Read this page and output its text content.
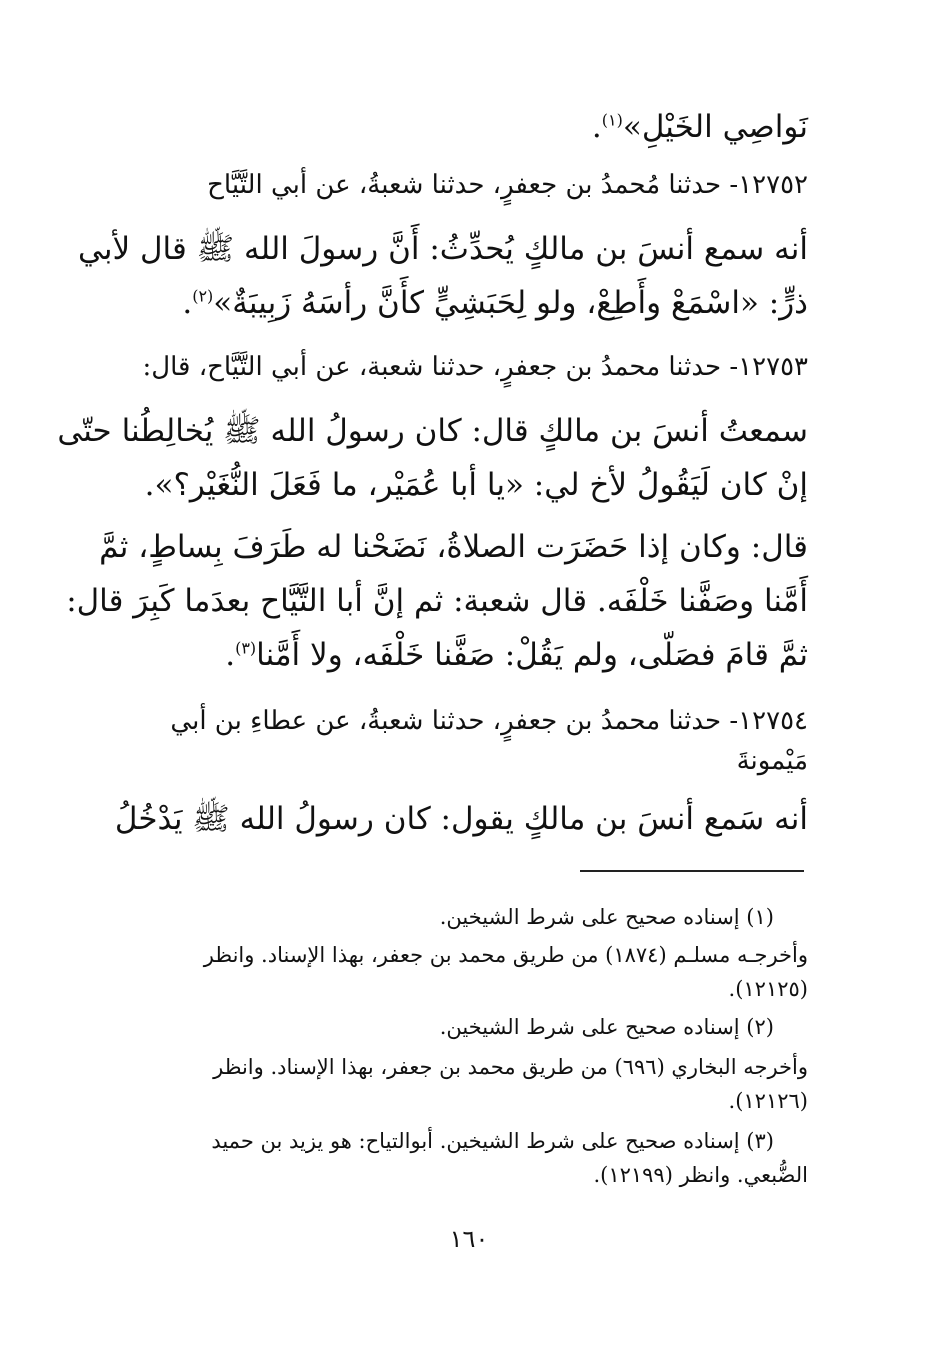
نَواصِي الخَيْلِ»$^{(١)}$.
١٢٧٥٢- حدثنا مُحمدُ بن جعفرٍ، حدثنا شعبةُ، عن أبي التَّيَّاح
أنه سمع أنسَ بن مالكٍ يُحدِّثُ: أَنَّ رسولَ الله ﷺ قال لأبي
ذرٍّ: «اسْمَعْ وأَطِعْ، ولو لِحَبَشِيٍّ كأَنَّ رأسَهُ زَبِيبَةٌ»$^{(٢)}$.
١٢٧٥٣- حدثنا محمدُ بن جعفرٍ، حدثنا شعبة، عن أبي التَّيَّاح، قال:
سمعتُ أنسَ بن مالكٍ قال: كان رسولُ الله ﷺ يُخالِطُنا حتّى
إنْ كان لَيَقُولُ لأخ لي: «يا أبا عُمَيْر، ما فَعَلَ النُّغَيْر؟».
قال: وكان إذا حَضَرَت الصلاةُ، نَضَحْنا له طَرَفَ بِساطٍ، ثمَّ
أَمَّنا وصَفَّنا خَلْفَه. قال شعبة: ثم إنَّ أبا التَّيَّاح بعدَما كَبِرَ قال:
ثمَّ قامَ فصَلّى، ولم يَقُلْ: صَفَّنا خَلْفَه، ولا أَمَّنا$^{(٣)}$.
١٢٧٥٤- حدثنا محمدُ بن جعفرٍ، حدثنا شعبةُ، عن عطاءِ بن أبي
مَيْمونةَ
أنه سَمع أنسَ بن مالكٍ يقول: كان رسولُ الله ﷺ يَدْخُلُ
(١) إسناده صحيح على شرط الشيخين.
وأخرجـه مسلـم (١٨٧٤) من طريق محمد بن جعفر، بهذا الإسناد. وانظر
(١٢١٢٥).
(٢) إسناده صحيح على شرط الشيخين.
وأخرجه البخاري (٦٩٦) من طريق محمد بن جعفر، بهذا الإسناد. وانظر
(١٢١٢٦).
(٣) إسناده صحيح على شرط الشيخين. أبوالتياح: هو يزيد بن حميد
الضُّبعي. وانظر (١٢١٩٩).
١٦٠
